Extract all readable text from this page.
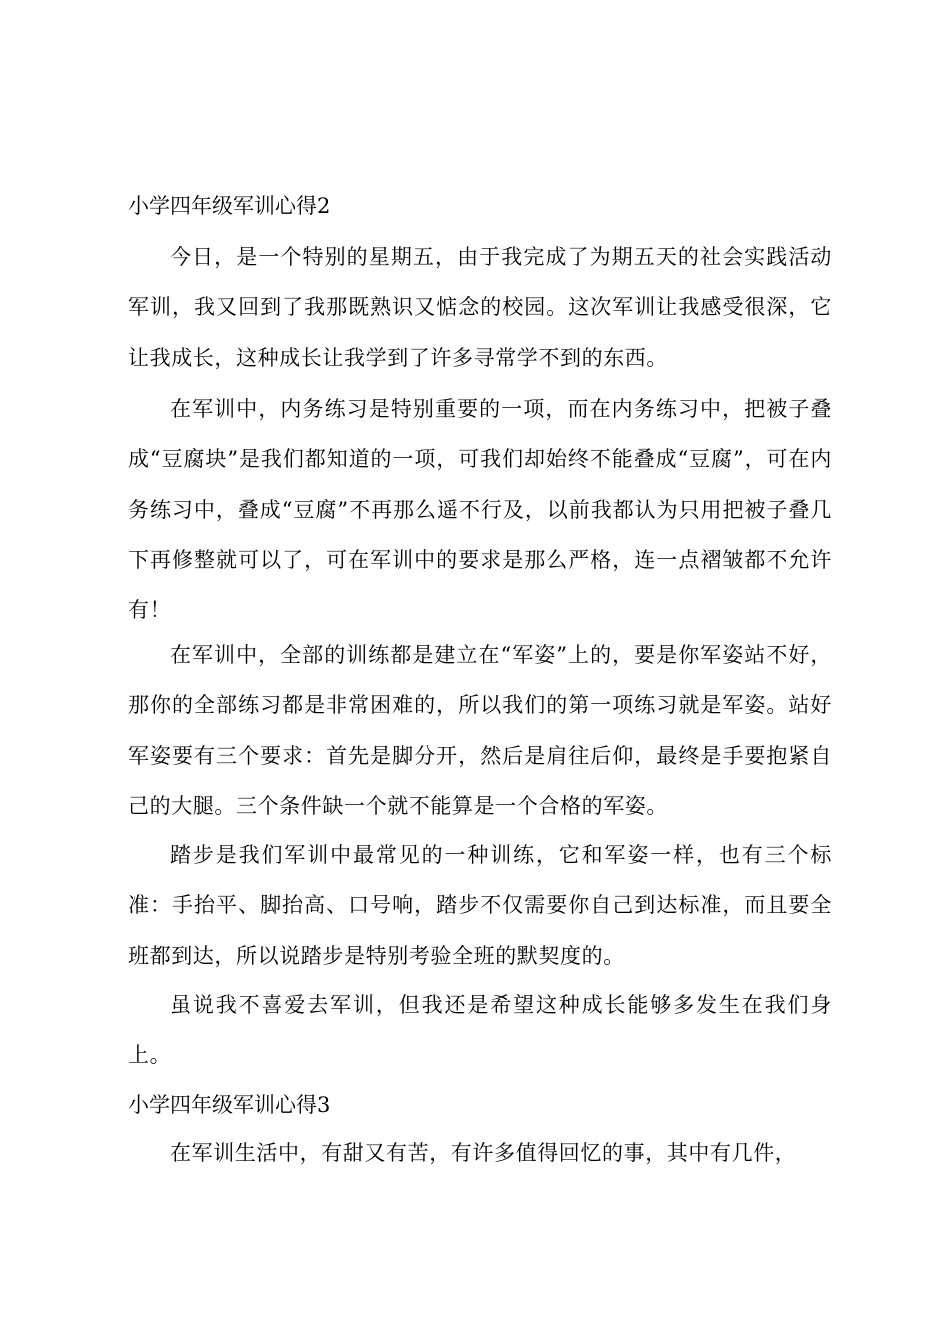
小学四年级军训心得2
今日，是一个特别的星期五，由于我完成了为期五天的社会实践活动军训，我又回到了我那既熟识又惦念的校园。这次军训让我感受很深，它让我成长，这种成长让我学到了许多寻常学不到的东西。
在军训中，内务练习是特别重要的一项，而在内务练习中，把被子叠成“豆腐块”是我们都知道的一项，可我们却始终不能叠成“豆腐”，可在内务练习中，叠成“豆腐”不再那么遥不行及，以前我都认为只用把被子叠几下再修整就可以了，可在军训中的要求是那么严格，连一点褶皱都不允许有！
在军训中，全部的训练都是建立在“军姿”上的，要是你军姿站不好，那你的全部练习都是非常困难的，所以我们的第一项练习就是军姿。站好军姿要有三个要求：首先是脚分开，然后是肩往后仰，最终是手要抱紧自己的大腿。三个条件缺一个就不能算是一个合格的军姿。
踏步是我们军训中最常见的一种训练，它和军姿一样，也有三个标准：手抬平、脚抬高、口号响，踏步不仅需要你自己到达标准，而且要全班都到达，所以说踏步是特别考验全班的默契度的。
虽说我不喜爱去军训，但我还是希望这种成长能够多发生在我们身上。
小学四年级军训心得3
在军训生活中，有甜又有苦，有许多值得回忆的事，其中有几件，
